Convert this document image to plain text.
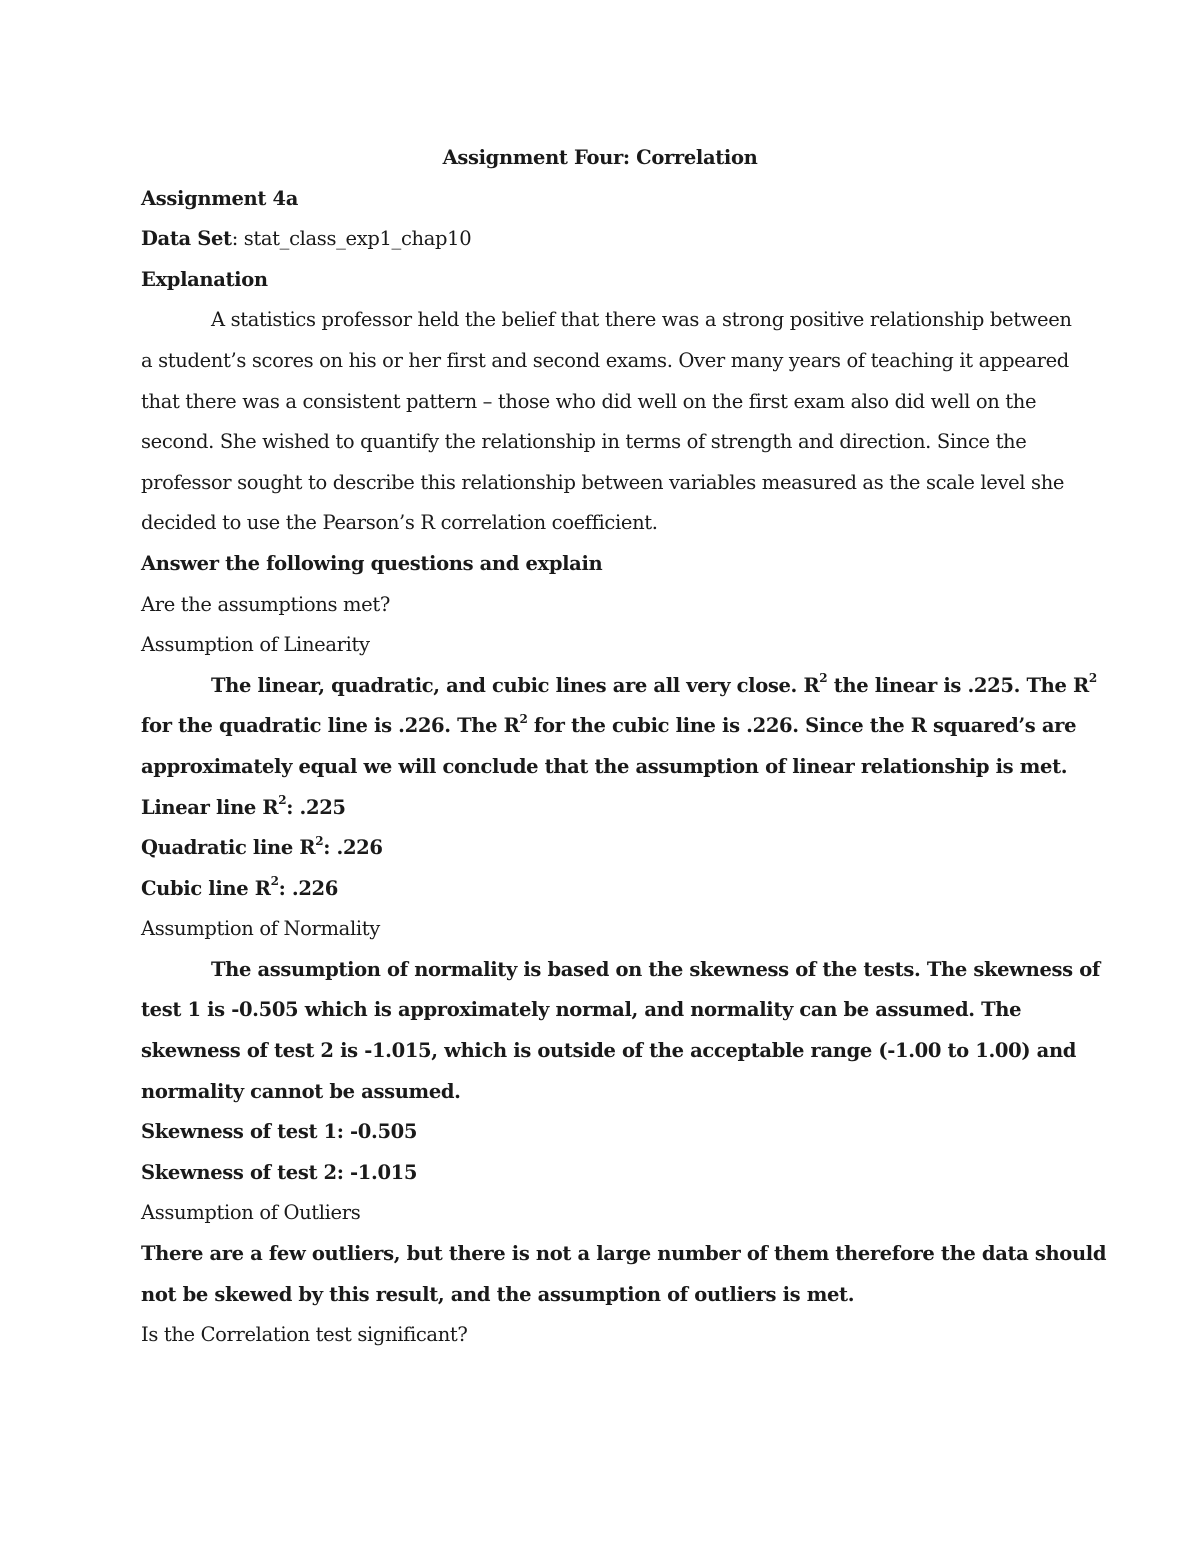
Assignment Four: Correlation
Assignment 4a
Data Set: stat_class_exp1_chap10
Explanation
A statistics professor held the belief that there was a strong positive relationship between
a student’s scores on his or her first and second exams. Over many years of teaching it appeared
that there was a consistent pattern – those who did well on the first exam also did well on the
second. She wished to quantify the relationship in terms of strength and direction. Since the
professor sought to describe this relationship between variables measured as the scale level she
decided to use the Pearson’s R correlation coefficient.
Answer the following questions and explain
Are the assumptions met?
Assumption of Linearity
The linear, quadratic, and cubic lines are all very close. $R^2$ the linear is .225. The $R^2$
for the quadratic line is .226. The $R^2$ for the cubic line is .226. Since the R squared’s are
approximately equal we will conclude that the assumption of linear relationship is met.
Linear line $R^2$: .225
Quadratic line $R^2$: .226
Cubic line $R^2$: .226
Assumption of Normality
The assumption of normality is based on the skewness of the tests. The skewness of
test 1 is -0.505 which is approximately normal, and normality can be assumed. The
skewness of test 2 is -1.015, which is outside of the acceptable range (-1.00 to 1.00) and
normality cannot be assumed.
Skewness of test 1: -0.505
Skewness of test 2: -1.015
Assumption of Outliers
There are a few outliers, but there is not a large number of them therefore the data should
not be skewed by this result, and the assumption of outliers is met.
Is the Correlation test significant?
